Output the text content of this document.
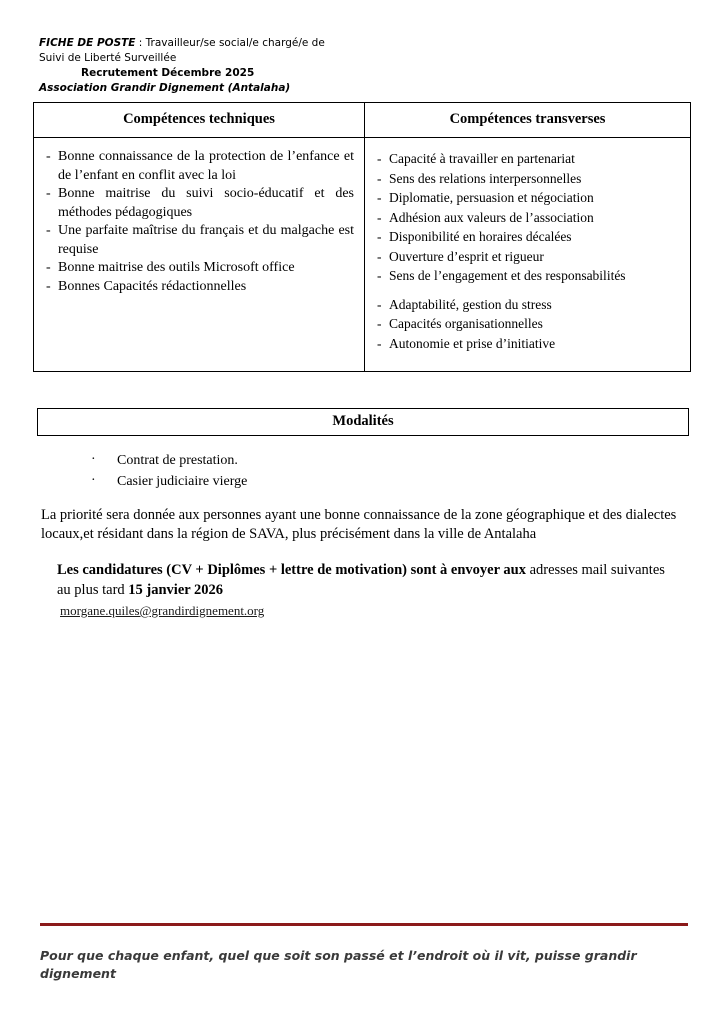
FICHE DE POSTE : Travailleur/se social/e chargé/e de
Suivi de Liberté Surveillée
Recrutement Décembre 2025
Association Grandir Dignement (Antalaha)
Compétences techniques	Compétences transverses

- Bonne connaissance de la protection de l’enfance et de l’enfant en conflit avec la loi
- Bonne maitrise du suivi socio-éducatif et des méthodes pédagogiques
- Une parfaite maîtrise du français et du malgache est requise
- Bonne maitrise des outils Microsoft office
- Bonnes Capacités rédactionnelles

- Capacité à travailler en partenariat
- Sens des relations interpersonnelles
- Diplomatie, persuasion et négociation
- Adhésion aux valeurs de l’association
- Disponibilité en horaires décalées
- Ouverture d’esprit et rigueur
- Sens de l’engagement et des responsabilités
- Adaptabilité, gestion du stress
- Capacités organisationnelles
- Autonomie et prise d’initiative
Modalités
· Contrat de prestation.
· Casier judiciaire vierge
La priorité sera donnée aux personnes ayant une bonne connaissance de la zone géographique et des dialectes locaux,et résidant dans la région de SAVA, plus précisément dans la ville de Antalaha
Les candidatures (CV + Diplômes + lettre de motivation) sont à envoyer aux adresses mail suivantes
au plus tard 15 janvier 2026
morgane.quiles@grandirdignement.org
Pour que chaque enfant, quel que soit son passé et l’endroit où il vit, puisse grandir dignement
